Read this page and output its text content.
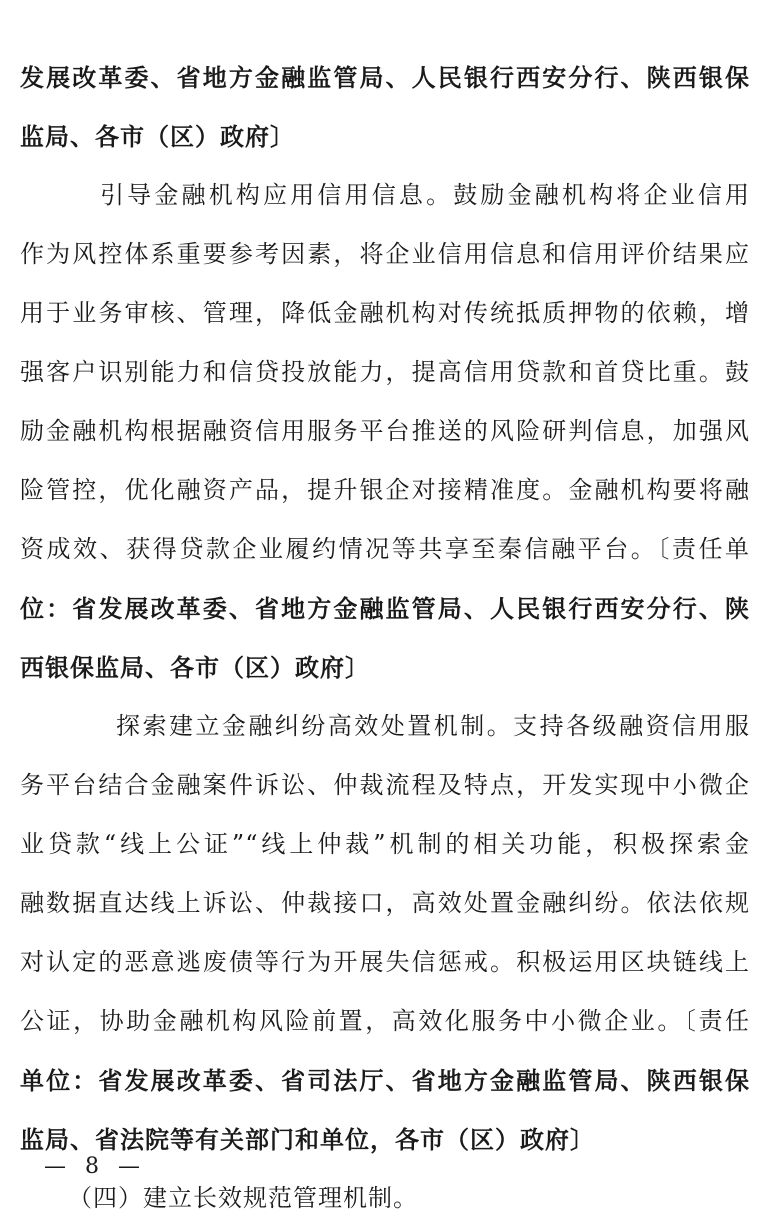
发展改革委、省地方金融监管局、人民银行西安分行、陕西银保
监局、各市（区）政府〕
引导金融机构应用信用信息。鼓励金融机构将企业信用
作为风控体系重要参考因素，将企业信用信息和信用评价结果应
用于业务审核、管理，降低金融机构对传统抵质押物的依赖，增
强客户识别能力和信贷投放能力，提高信用贷款和首贷比重。鼓
励金融机构根据融资信用服务平台推送的风险研判信息，加强风
险管控，优化融资产品，提升银企对接精准度。金融机构要将融
资成效、获得贷款企业履约情况等共享至秦信融平台。〔责任单
位：省发展改革委、省地方金融监管局、人民银行西安分行、陕
西银保监局、各市（区）政府〕
探索建立金融纠纷高效处置机制。支持各级融资信用服
务平台结合金融案件诉讼、仲裁流程及特点，开发实现中小微企
业贷款“线上公证”“线上仲裁”机制的相关功能，积极探索金
融数据直达线上诉讼、仲裁接口，高效处置金融纠纷。依法依规
对认定的恶意逃废债等行为开展失信惩戒。积极运用区块链线上
公证，协助金融机构风险前置，高效化服务中小微企业。〔责任
单位：省发展改革委、省司法厅、省地方金融监管局、陕西银保
监局、省法院等有关部门和单位，各市（区）政府〕
（四）建立长效规范管理机制。
— 8 —
